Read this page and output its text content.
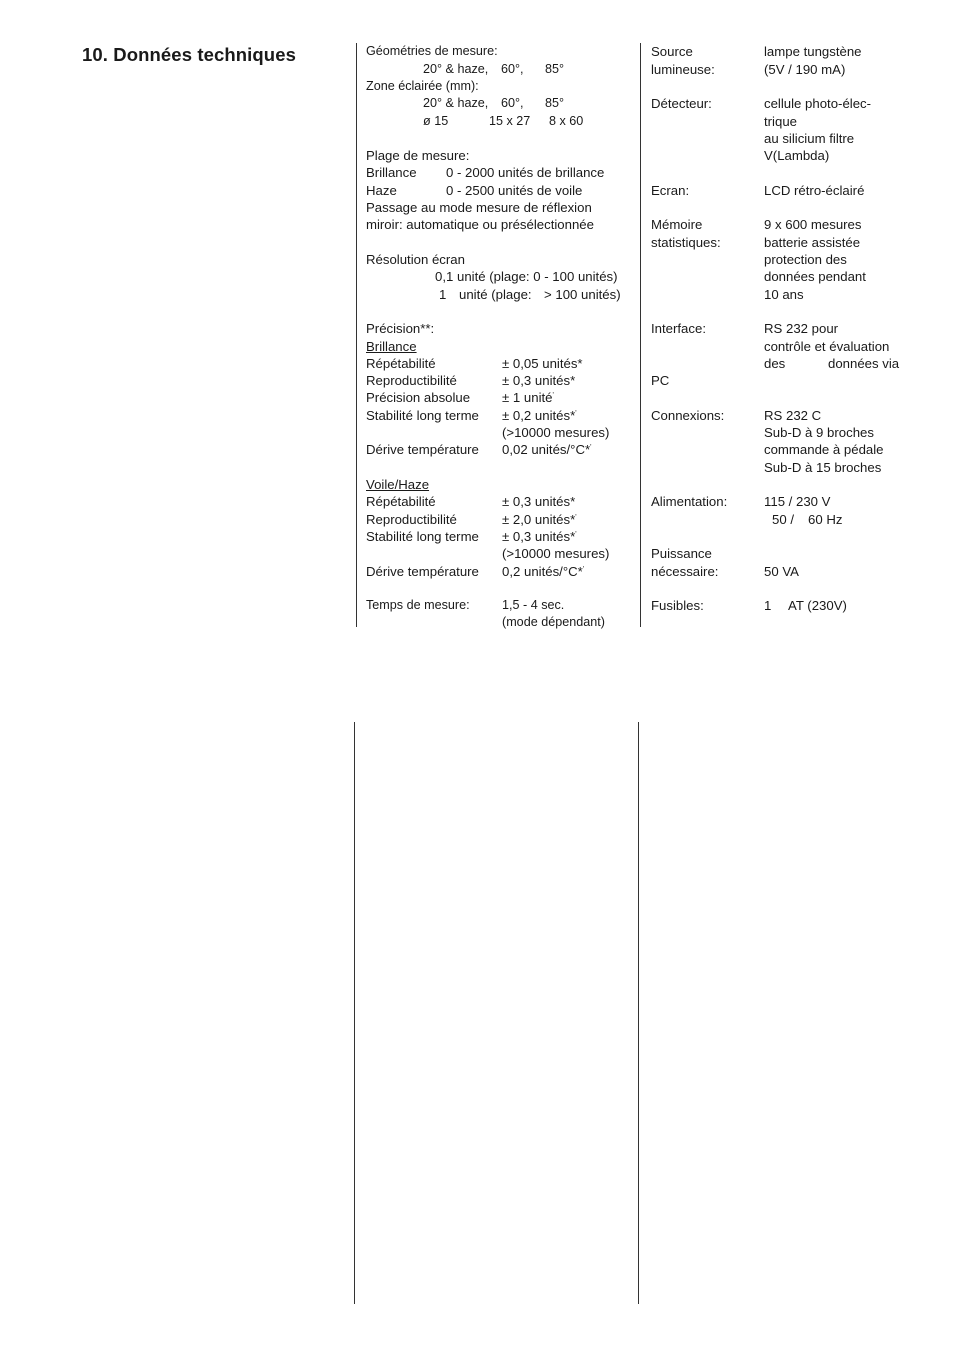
10. Données techniques	Géométries de mesure:
20° & haze, 60°, 85°
Zone éclairée (mm):
20° & haze, 60°, 85°
ø 15	15 x 27 8 x 60
Plage de mesure:
Brillance 0 - 2000 unités de brillance
Haze	0 - 2500 unités de voile
Passage au mode mesure de réflexion
miroir: automatique ou présélectionnée
Résolution écran
0,1 unité (plage: 0 - 100 unités)
1 unité (plage: > 100 unités)
Précision**:
Brillance
Répétabilité	± 0,05 unités*
Reproductibilité	± 0,3 unités*
Précision absolue ± 1 unité'
Stabilité long terme ± 0,2 unités*'
(>10000 mesures)
Dérive température 0,02 unités/°C*'
Voile/Haze
Répétabilité	± 0,3 unités*
Reproductibilité	± 2,0 unités*'
Stabilité long terme ± 0,3 unités*'
(>10000 mesures)
Dérive température 0,2 unités/°C*'
Temps de mesure:	1,5 - 4 sec.
(mode dépendant)
Source
lumineuse:
lampe tungstène
(5V / 190 mA)
Détecteur:	cellule photo-élec-
trique
au silicium filtre
V(Lambda)
Ecran:	LCD rétro-éclairé
Mémoire
statistiques:
9 x 600 mesures
batterie assistée
protection des
données pendant
10 ans
Interface:	RS 232 pour
contrôle et évaluation
des	données via
PC
Connexions:	RS 232 C
Sub-D à 9 broches
commande à pédale
Sub-D à 15 broches
Alimentation:	115 / 230 V
50 / 60 Hz
Puissance
nécessaire:	50 VA
Fusibles:	1 AT (230V)
